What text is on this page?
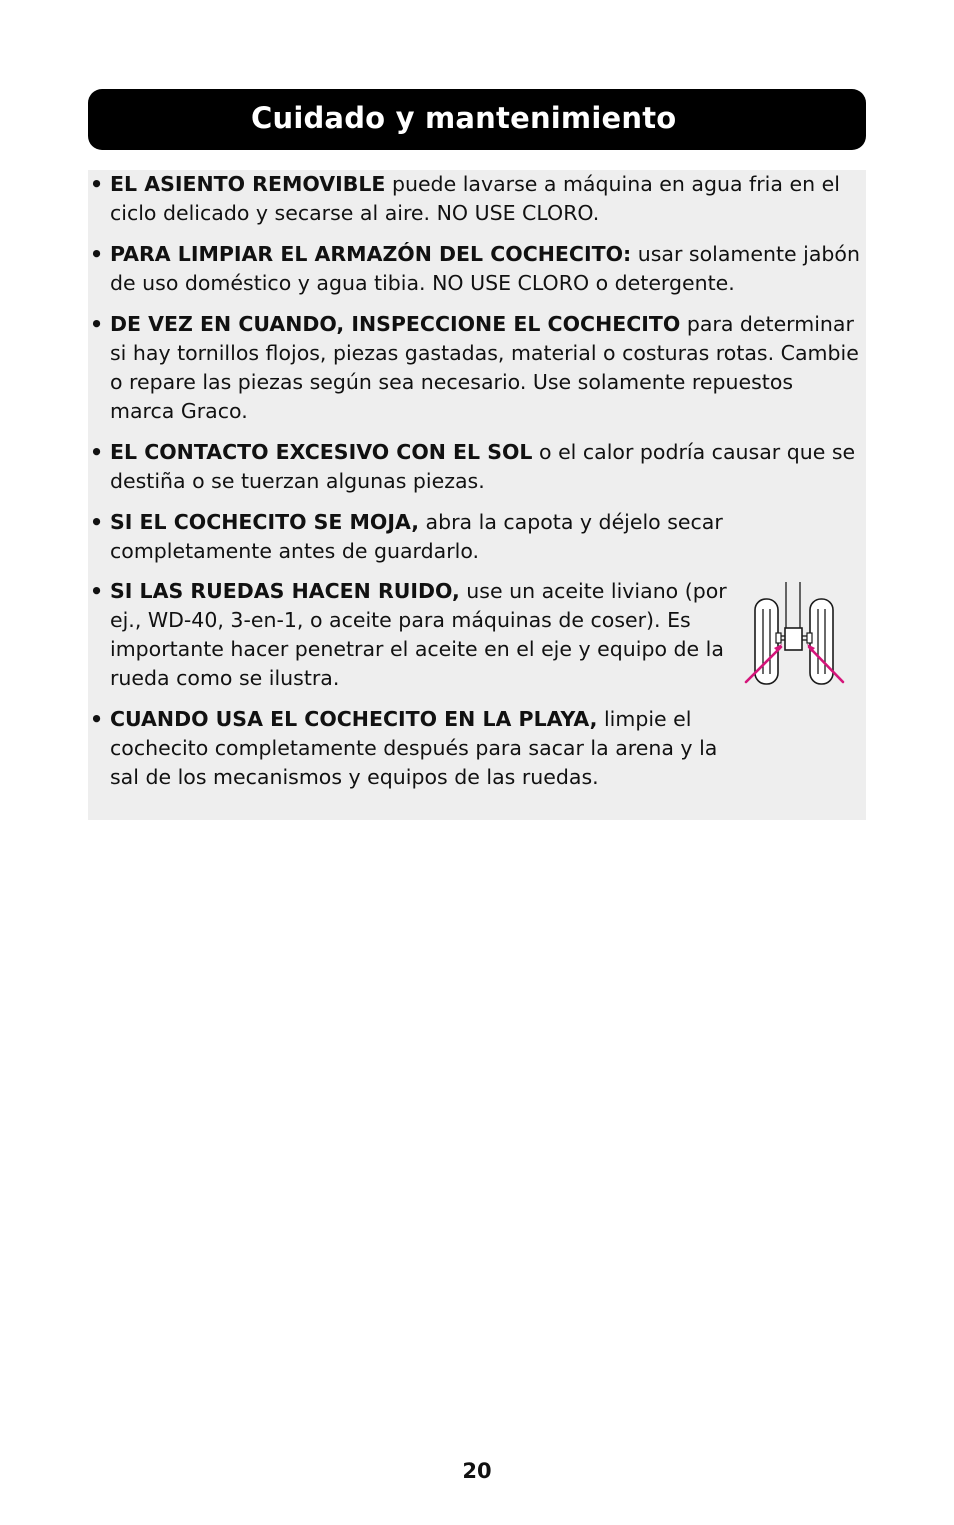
Cuidado y mantenimiento
• EL ASIENTO REMOVIBLE puede lavarse a máquina en agua fria en el ciclo delicado y secarse al aire. NO USE CLORO.
• PARA LIMPIAR EL ARMAZÓN DEL COCHECITO: usar solamente jabón de uso doméstico y agua tibia. NO USE CLORO o detergente.
• DE VEZ EN CUANDO, INSPECCIONE EL COCHECITO para determinar si hay tornillos flojos, piezas gastadas, material o costuras rotas. Cambie o repare las piezas según sea necesario. Use solamente repuestos marca Graco.
• EL CONTACTO EXCESIVO CON EL SOL o el calor podría causar que se destiña o se tuerzan algunas piezas.
• SI EL COCHECITO SE MOJA, abra la capota y déjelo secar completamente antes de guardarlo.
• SI LAS RUEDAS HACEN RUIDO, use un aceite liviano (por ej., WD-40, 3-en-1, o aceite para máquinas de coser). Es importante hacer penetrar el aceite en el eje y equipo de la rueda como se ilustra.
• CUANDO USA EL COCHECITO EN LA PLAYA, limpie el cochecito completamente después para sacar la arena y la sal de los mecanismos y equipos de las ruedas.
20
